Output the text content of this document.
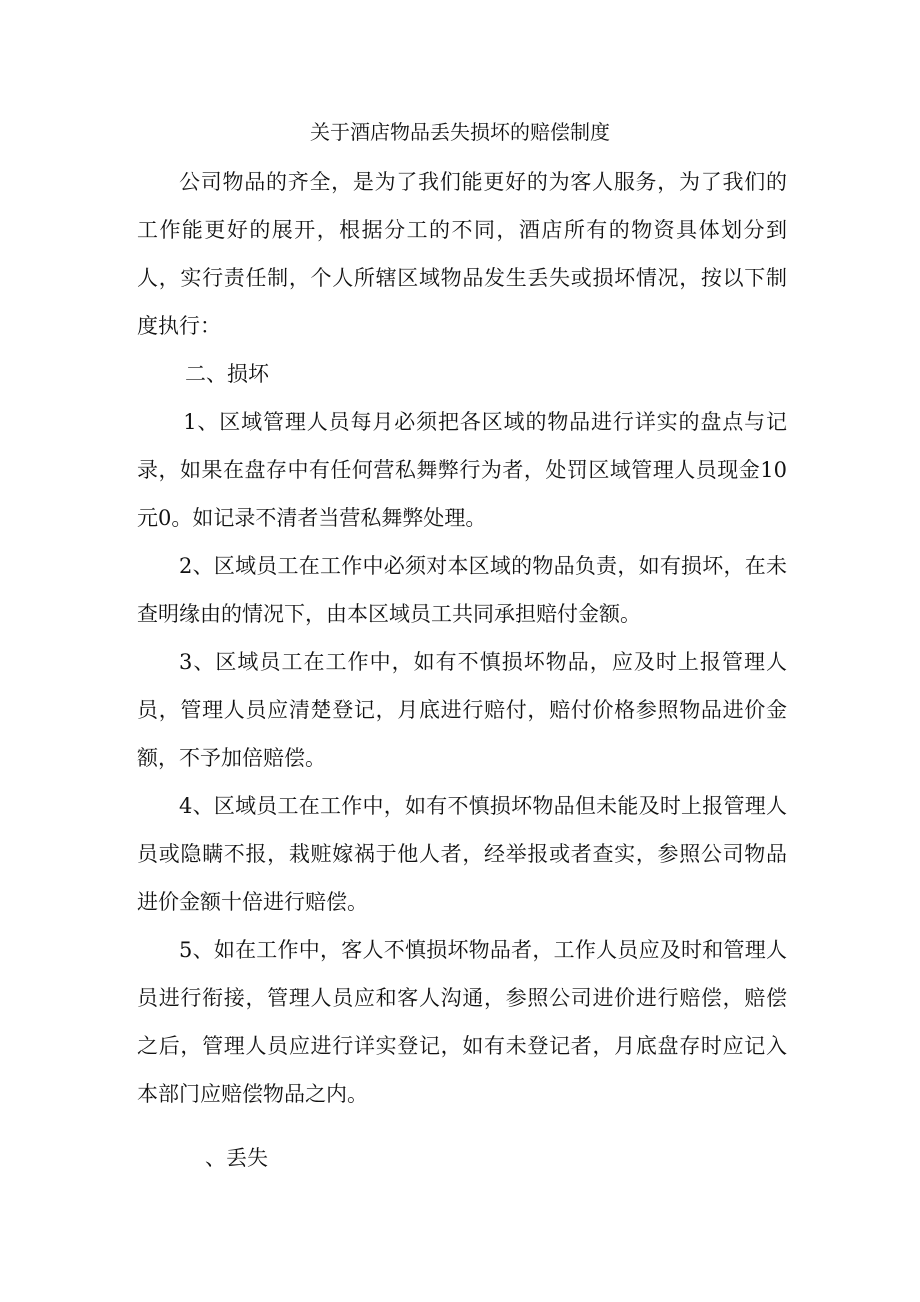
关于酒店物品丢失损坏的赔偿制度
公司物品的齐全，是为了我们能更好的为客人服务，为了我们的工作能更好的展开，根据分工的不同，酒店所有的物资具体划分到人，实行责任制，个人所辖区域物品发生丢失或损坏情况，按以下制度执行：
二、损坏
1、区域管理人员每月必须把各区域的物品进行详实的盘点与记录，如果在盘存中有任何营私舞弊行为者，处罚区域管理人员现金10元0。如记录不清者当营私舞弊处理。
2、区域员工在工作中必须对本区域的物品负责，如有损坏，在未查明缘由的情况下，由本区域员工共同承担赔付金额。
3、区域员工在工作中，如有不慎损坏物品，应及时上报管理人员，管理人员应清楚登记，月底进行赔付，赔付价格参照物品进价金额，不予加倍赔偿。
4、区域员工在工作中，如有不慎损坏物品但未能及时上报管理人员或隐瞒不报，栽赃嫁祸于他人者，经举报或者查实，参照公司物品进价金额十倍进行赔偿。
5、如在工作中，客人不慎损坏物品者，工作人员应及时和管理人员进行衔接，管理人员应和客人沟通，参照公司进价进行赔偿，赔偿之后，管理人员应进行详实登记，如有未登记者，月底盘存时应记入本部门应赔偿物品之内。
、丢失
